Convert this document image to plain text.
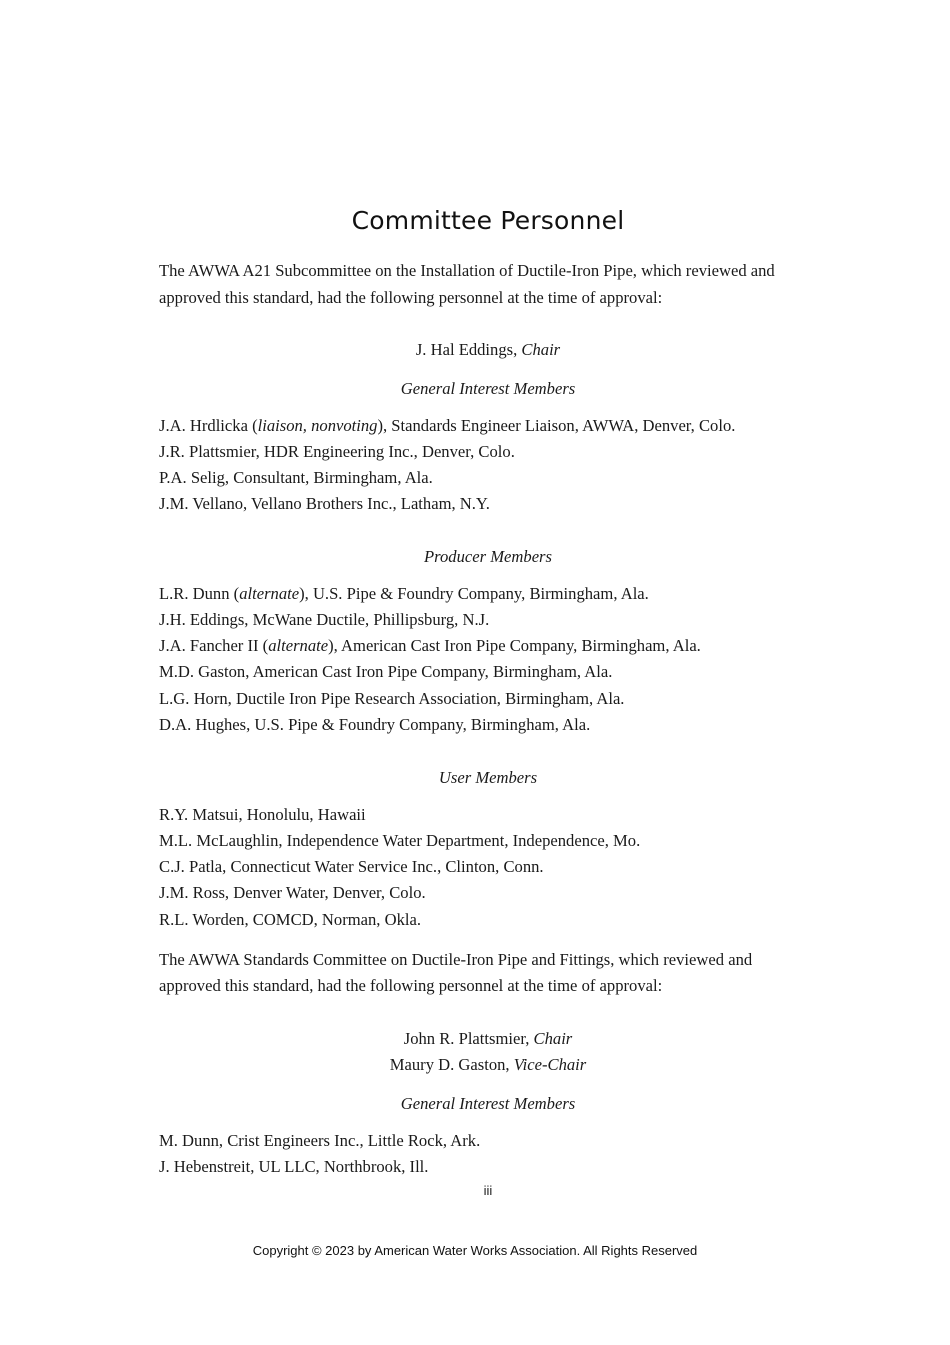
Committee Personnel
The AWWA A21 Subcommittee on the Installation of Ductile-Iron Pipe, which reviewed and
approved this standard, had the following personnel at the time of approval:
J. Hal Eddings, Chair
General Interest Members
J.A. Hrdlicka (liaison, nonvoting), Standards Engineer Liaison, AWWA, Denver, Colo.
J.R. Plattsmier, HDR Engineering Inc., Denver, Colo.
P.A. Selig, Consultant, Birmingham, Ala.
J.M. Vellano, Vellano Brothers Inc., Latham, N.Y.
Producer Members
L.R. Dunn (alternate), U.S. Pipe & Foundry Company, Birmingham, Ala.
J.H. Eddings, McWane Ductile, Phillipsburg, N.J.
J.A. Fancher II (alternate), American Cast Iron Pipe Company, Birmingham, Ala.
M.D. Gaston, American Cast Iron Pipe Company, Birmingham, Ala.
L.G. Horn, Ductile Iron Pipe Research Association, Birmingham, Ala.
D.A. Hughes, U.S. Pipe & Foundry Company, Birmingham, Ala.
User Members
R.Y. Matsui, Honolulu, Hawaii
M.L. McLaughlin, Independence Water Department, Independence, Mo.
C.J. Patla, Connecticut Water Service Inc., Clinton, Conn.
J.M. Ross, Denver Water, Denver, Colo.
R.L. Worden, COMCD, Norman, Okla.
The AWWA Standards Committee on Ductile-Iron Pipe and Fittings, which reviewed and
approved this standard, had the following personnel at the time of approval:
John R. Plattsmier, Chair
Maury D. Gaston, Vice-Chair
General Interest Members
M. Dunn, Crist Engineers Inc., Little Rock, Ark.
J. Hebenstreit, UL LLC, Northbrook, Ill.
iii
Copyright © 2023 by American Water Works Association. All Rights Reserved
